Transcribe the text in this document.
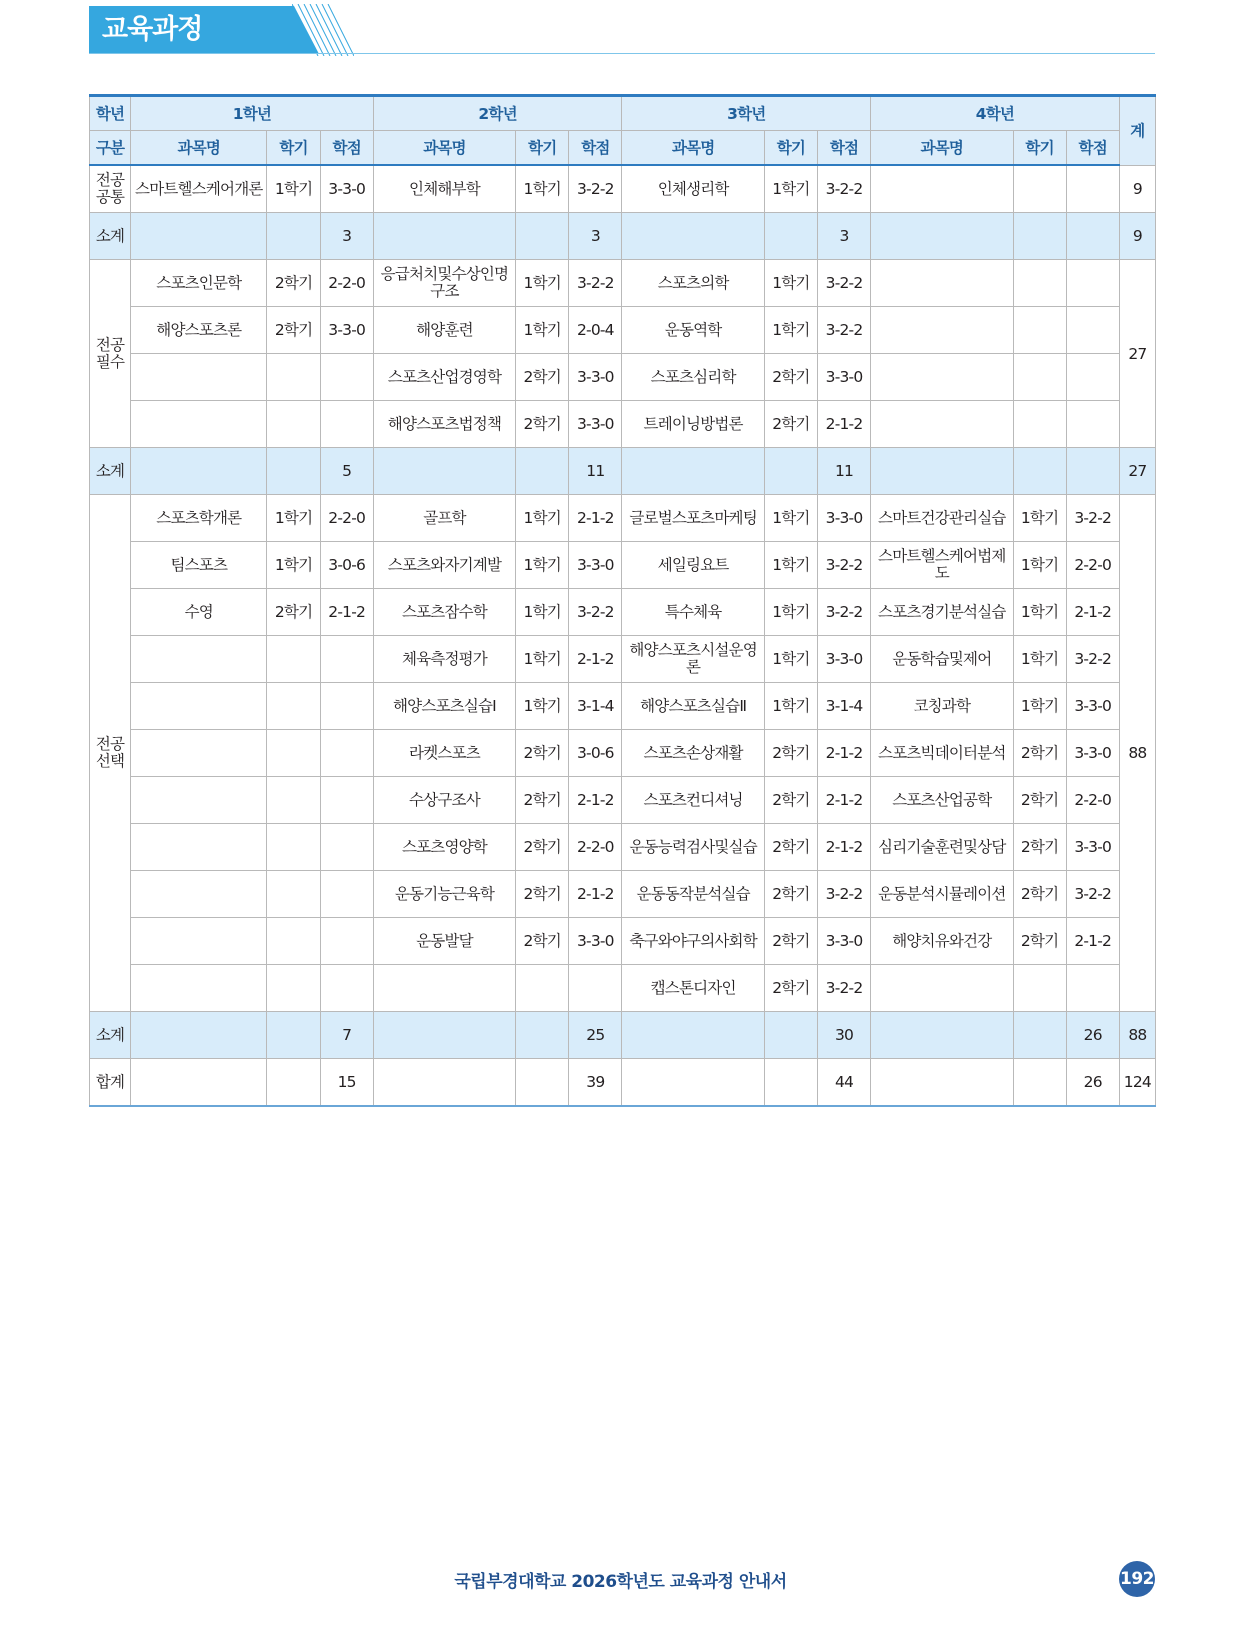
교육과정
학년	1학년			2학년			3학년			4학년			계
구분	과목명	학기	학점	과목명	학기	학점	과목명	학기	학점	과목명	학기	학점	
전공공통	스마트헬스케어개론	1학기	3-3-0	인체해부학	1학기	3-2-2	인체생리학	1학기	3-2-2				9
소계			3			3			3				9
전공필수	스포츠인문학	2학기	2-2-0	응급처치및수상인명구조	1학기	3-2-2	스포츠의학	1학기	3-2-2				27
	해양스포츠론	2학기	3-3-0	해양훈련	1학기	2-0-4	운동역학	1학기	3-2-2				
				스포츠산업경영학	2학기	3-3-0	스포츠심리학	2학기	3-3-0				
				해양스포츠법정책	2학기	3-3-0	트레이닝방법론	2학기	2-1-2				
소계			5			11			11				27
전공선택	스포츠학개론	1학기	2-2-0	골프학	1학기	2-1-2	글로벌스포츠마케팅	1학기	3-3-0	스마트건강관리실습	1학기	3-2-2	88
	팀스포츠	1학기	3-0-6	스포츠와자기계발	1학기	3-3-0	세일링요트	1학기	3-2-2	스마트헬스케어법제도	1학기	2-2-0	
	수영	2학기	2-1-2	스포츠잠수학	1학기	3-2-2	특수체육	1학기	3-2-2	스포츠경기분석실습	1학기	2-1-2	
				체육측정평가	1학기	2-1-2	해양스포츠시설운영론	1학기	3-3-0	운동학습및제어	1학기	3-2-2	
				해양스포츠실습Ⅰ	1학기	3-1-4	해양스포츠실습Ⅱ	1학기	3-1-4	코칭과학	1학기	3-3-0	
				라켓스포츠	2학기	3-0-6	스포츠손상재활	2학기	2-1-2	스포츠빅데이터분석	2학기	3-3-0	
				수상구조사	2학기	2-1-2	스포츠컨디셔닝	2학기	2-1-2	스포츠산업공학	2학기	2-2-0	
				스포츠영양학	2학기	2-2-0	운동능력검사및실습	2학기	2-1-2	심리기술훈련및상담	2학기	3-3-0	
				운동기능근육학	2학기	2-1-2	운동동작분석실습	2학기	3-2-2	운동분석시뮬레이션	2학기	3-2-2	
				운동발달	2학기	3-3-0	축구와야구의사회학	2학기	3-3-0	해양치유와건강	2학기	2-1-2	
							캡스톤디자인	2학기	3-2-2				
소계			7			25			30			26	88
합계			15			39			44			26	124
국립부경대학교 2026학년도 교육과정 안내서	192
